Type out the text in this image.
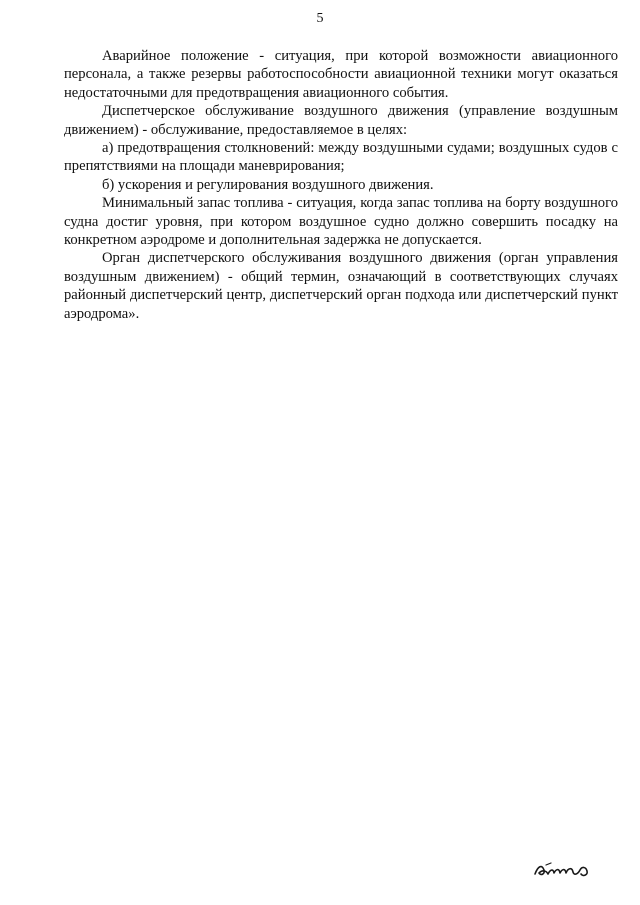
5

Аварийное положение - ситуация, при которой возможности авиационного персонала, а также резервы работоспособности авиационной техники могут оказаться недостаточными для предотвращения авиационного события.

Диспетчерское обслуживание воздушного движения (управление воздушным движением) - обслуживание, предоставляемое в целях:

а) предотвращения столкновений: между воздушными судами; воздушных судов с препятствиями на площади маневрирования;

б) ускорения и регулирования воздушного движения.

Минимальный запас топлива - ситуация, когда запас топлива на борту воздушного судна достиг уровня, при котором воздушное судно должно совершить посадку на конкретном аэродроме и дополнительная задержка не допускается.

Орган диспетчерского обслуживания воздушного движения (орган управления воздушным движением) - общий термин, означающий в соответствующих случаях районный диспетчерский центр, диспетчерский орган подхода или диспетчерский пункт аэродрома».
